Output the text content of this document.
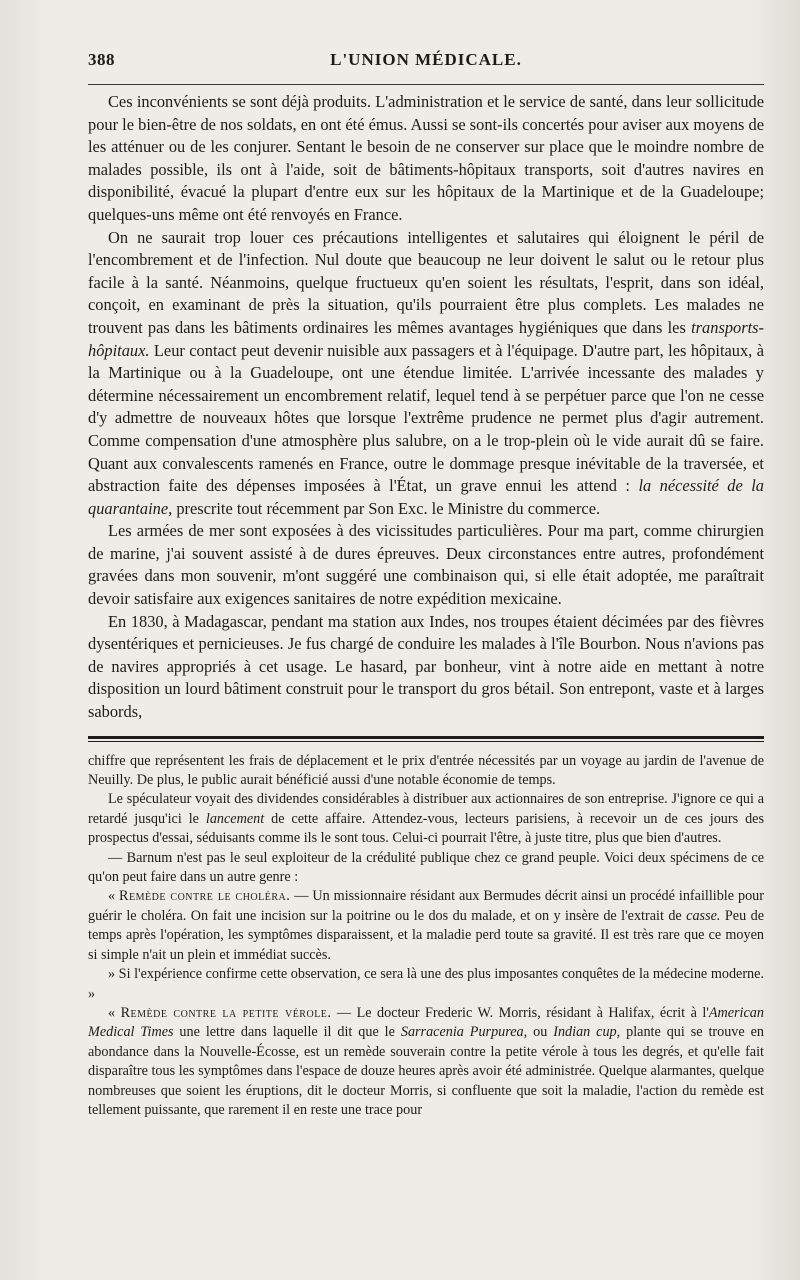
388	L'UNION MÉDICALE.

Ces inconvénients se sont déjà produits. L'administration et le service de santé, dans leur sollicitude pour le bien-être de nos soldats, en ont été émus. Aussi se sont-ils concertés pour aviser aux moyens de les atténuer ou de les conjurer. Sentant le besoin de ne conserver sur place que le moindre nombre de malades possible, ils ont à l'aide, soit de bâtiments-hôpitaux transports, soit d'autres navires en disponibilité, évacué la plupart d'entre eux sur les hôpitaux de la Martinique et de la Guadeloupe; quelques-uns même ont été renvoyés en France.

On ne saurait trop louer ces précautions intelligentes et salutaires qui éloignent le péril de l'encombrement et de l'infection. Nul doute que beaucoup ne leur doivent le salut ou le retour plus facile à la santé. Néanmoins, quelque fructueux qu'en soient les résultats, l'esprit, dans son idéal, conçoit, en examinant de près la situation, qu'ils pourraient être plus complets. Les malades ne trouvent pas dans les bâtiments ordinaires les mêmes avantages hygiéniques que dans les transports-hôpitaux. Leur contact peut devenir nuisible aux passagers et à l'équipage. D'autre part, les hôpitaux, à la Martinique ou à la Guadeloupe, ont une étendue limitée. L'arrivée incessante des malades y détermine nécessairement un encombrement relatif, lequel tend à se perpétuer parce que l'on ne cesse d'y admettre de nouveaux hôtes que lorsque l'extrême prudence ne permet plus d'agir autrement. Comme compensation d'une atmosphère plus salubre, on a le trop-plein où le vide aurait dû se faire. Quant aux convalescents ramenés en France, outre le dommage presque inévitable de la traversée, et abstraction faite des dépenses imposées à l'État, un grave ennui les attend : la nécessité de la quarantaine, prescrite tout récemment par Son Exc. le Ministre du commerce.

Les armées de mer sont exposées à des vicissitudes particulières. Pour ma part, comme chirurgien de marine, j'ai souvent assisté à de dures épreuves. Deux circonstances entre autres, profondément gravées dans mon souvenir, m'ont suggéré une combinaison qui, si elle était adoptée, me paraîtrait devoir satisfaire aux exigences sanitaires de notre expédition mexicaine.

En 1830, à Madagascar, pendant ma station aux Indes, nos troupes étaient décimées par des fièvres dysentériques et pernicieuses. Je fus chargé de conduire les malades à l'île Bourbon. Nous n'avions pas de navires appropriés à cet usage. Le hasard, par bonheur, vint à notre aide en mettant à notre disposition un lourd bâtiment construit pour le transport du gros bétail. Son entrepont, vaste et à larges sabords,

chiffre que représentent les frais de déplacement et le prix d'entrée nécessités par un voyage au jardin de l'avenue de Neuilly. De plus, le public aurait bénéficié aussi d'une notable économie de temps.

Le spéculateur voyait des dividendes considérables à distribuer aux actionnaires de son entreprise. J'ignore ce qui a retardé jusqu'ici le lancement de cette affaire. Attendez-vous, lecteurs parisiens, à recevoir un de ces jours des prospectus d'essai, séduisants comme ils le sont tous. Celui-ci pourrait l'être, à juste titre, plus que bien d'autres.

— Barnum n'est pas le seul exploiteur de la crédulité publique chez ce grand peuple. Voici deux spécimens de ce qu'on peut faire dans un autre genre :

« Remède contre le choléra. — Un missionnaire résidant aux Bermudes décrit ainsi un procédé infaillible pour guérir le choléra. On fait une incision sur la poitrine ou le dos du malade, et on y insère de l'extrait de casse. Peu de temps après l'opération, les symptômes disparaissent, et la maladie perd toute sa gravité. Il est très rare que ce moyen si simple n'ait un plein et immédiat succès.

» Si l'expérience confirme cette observation, ce sera là une des plus imposantes conquêtes de la médecine moderne. »

« Remède contre la petite vérole. — Le docteur Frederic W. Morris, résidant à Halifax, écrit à l'American Medical Times une lettre dans laquelle il dit que le Sarracenia Purpurea, ou Indian cup, plante qui se trouve en abondance dans la Nouvelle-Écosse, est un remède souverain contre la petite vérole à tous les degrés, et qu'elle fait disparaître tous les symptômes dans l'espace de douze heures après avoir été administrée. Quelque alarmantes, quelque nombreuses que soient les éruptions, dit le docteur Morris, si confluente que soit la maladie, l'action du remède est tellement puissante, que rarement il en reste une trace pour
